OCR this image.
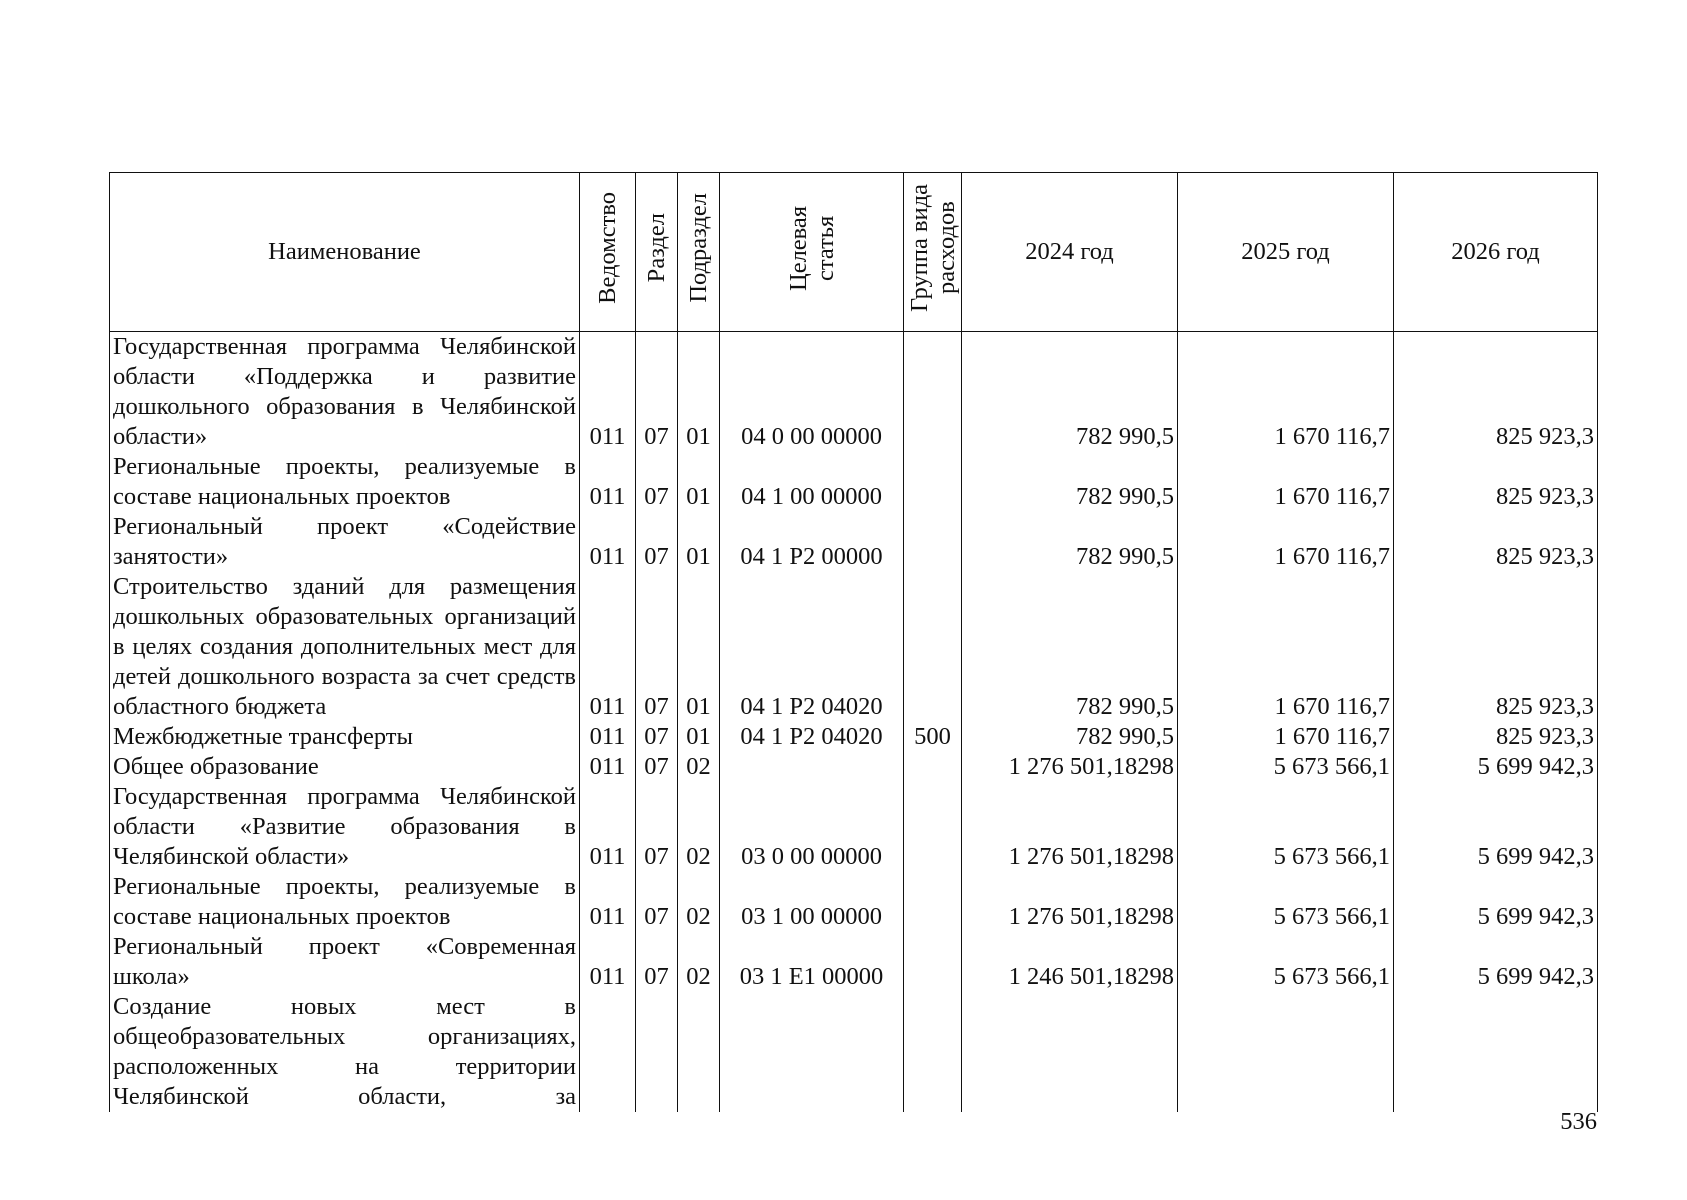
Наименование	Ведомство	Раздел	Подраздел	Целевая статья	Группа вида расходов	2024 год	2025 год	2026 год
Государственная программа Челябинской области «Поддержка и развитие дошкольного образования в Челябинской области»	011	07	01	04 0 00 00000		782 990,5	1 670 116,7	825 923,3
Региональные проекты, реализуемые в составе национальных проектов	011	07	01	04 1 00 00000		782 990,5	1 670 116,7	825 923,3
Региональный проект «Содействие занятости»	011	07	01	04 1 P2 00000		782 990,5	1 670 116,7	825 923,3
Строительство зданий для размещения дошкольных образовательных организаций в целях создания дополнительных мест для детей дошкольного возраста за счет средств областного бюджета	011	07	01	04 1 P2 04020		782 990,5	1 670 116,7	825 923,3
Межбюджетные трансферты	011	07	01	04 1 P2 04020	500	782 990,5	1 670 116,7	825 923,3
Общее образование	011	07	02			1 276 501,18298	5 673 566,1	5 699 942,3
Государственная программа Челябинской области «Развитие образования в Челябинской области»	011	07	02	03 0 00 00000		1 276 501,18298	5 673 566,1	5 699 942,3
Региональные проекты, реализуемые в составе национальных проектов	011	07	02	03 1 00 00000		1 276 501,18298	5 673 566,1	5 699 942,3
Региональный проект «Современная школа»	011	07	02	03 1 E1 00000		1 246 501,18298	5 673 566,1	5 699 942,3
Создание новых мест в общеобразовательных организациях, расположенных на территории Челябинской области, за								
536
